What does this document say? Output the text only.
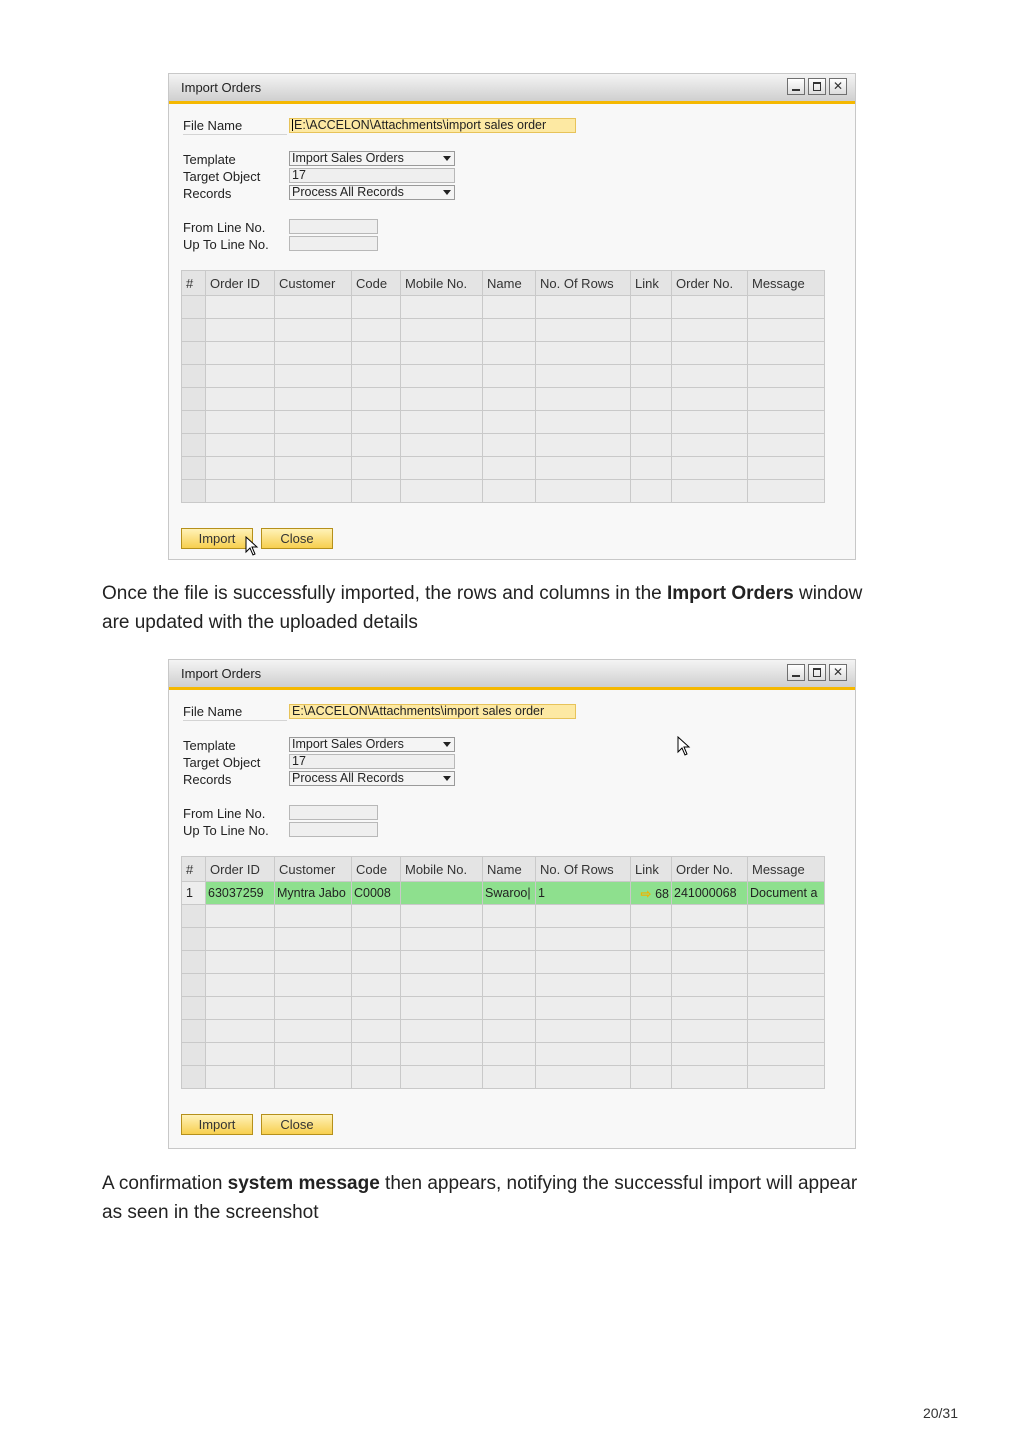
Import Orders	✕
File Name	E:\ACCELON\Attachments\import sales order
Template	Import Sales Orders
Target Object	17
Records	Process All Records
From Line No.
Up To Line No.
#	Order ID	Customer	Code	Mobile No.	Name	No. Of Rows	Link	Order No.	Message

Import	Close

Once the file is successfully imported, the rows and columns in the Import Orders window are updated with the uploaded details

Import Orders	✕
File Name	E:\ACCELON\Attachments\import sales order
Template	Import Sales Orders
Target Object	17
Records	Process All Records
From Line No.
Up To Line No.
#	Order ID	Customer	Code	Mobile No.	Name	No. Of Rows	Link	Order No.	Message
1	63037259	Myntra Jabo	C0008		Swaroo|	1	⇨ 68	241000068	Document a

Import	Close

A confirmation system message then appears, notifying the successful import will appear as seen in the screenshot

20/31
